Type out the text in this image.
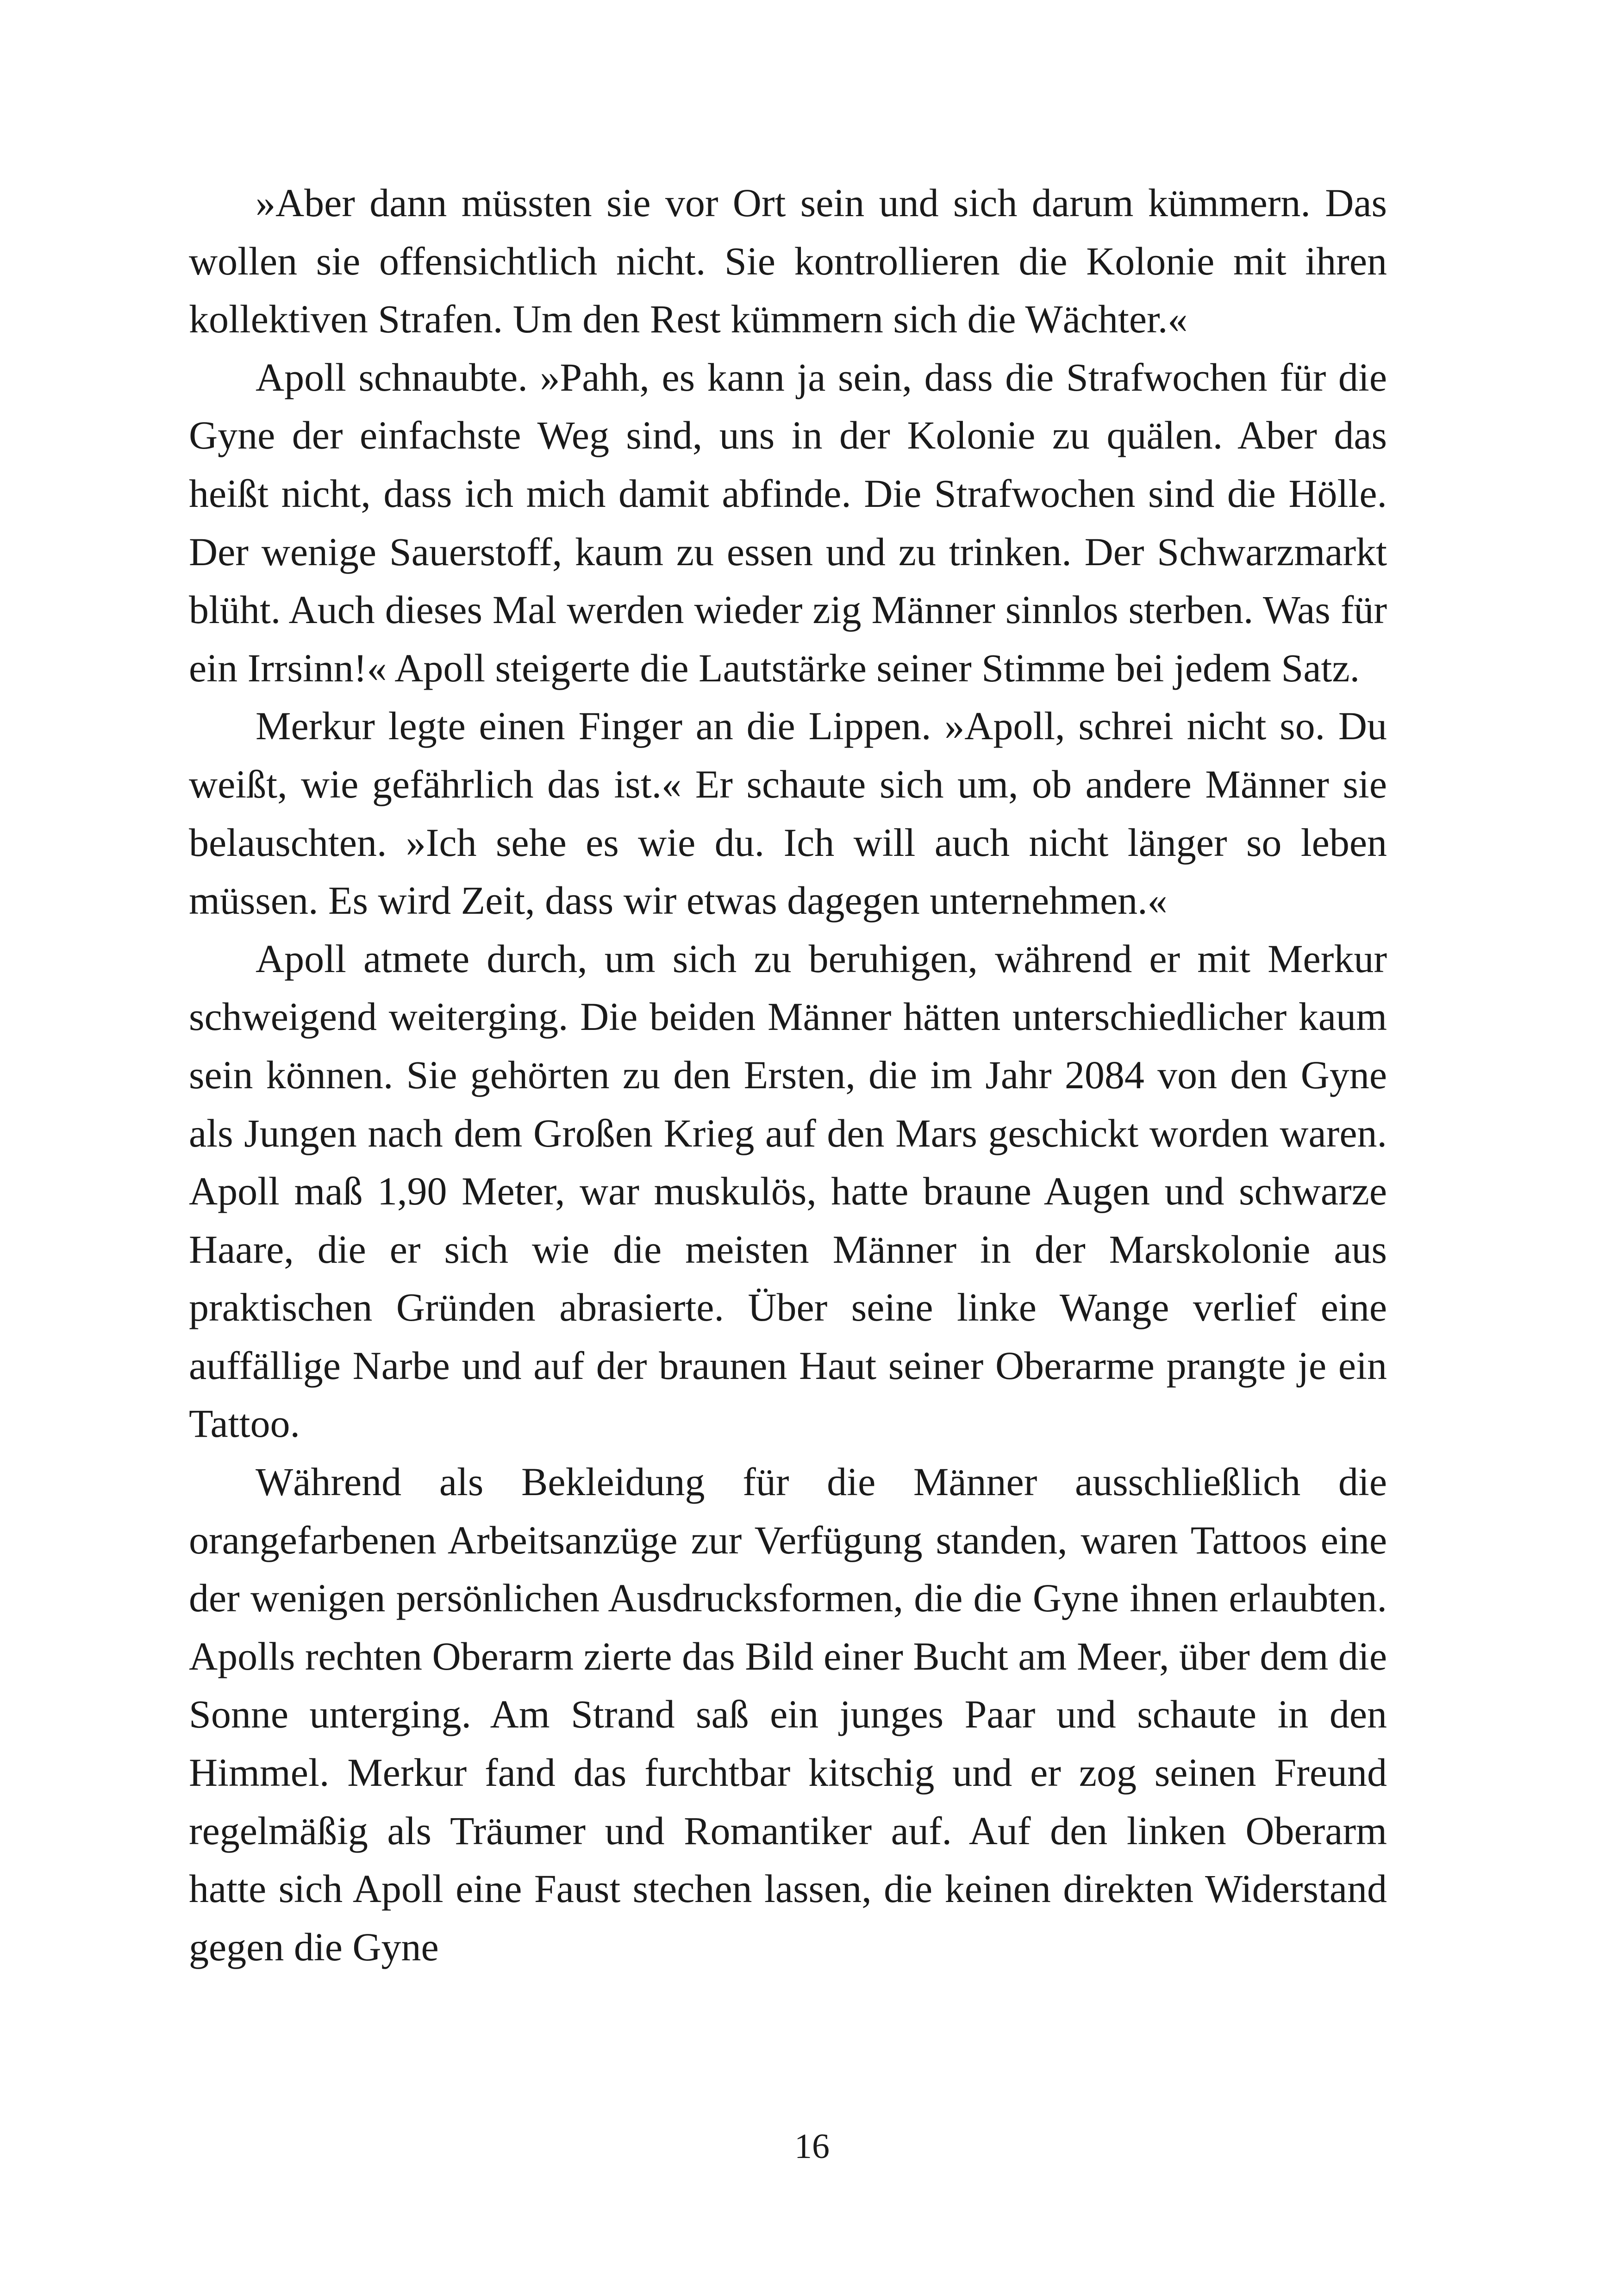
»Aber dann müssten sie vor Ort sein und sich darum kümmern. Das wollen sie offensichtlich nicht. Sie kontrollieren die Kolonie mit ihren kollektiven Strafen. Um den Rest kümmern sich die Wächter.«

Apoll schnaubte. »Pahh, es kann ja sein, dass die Strafwochen für die Gyne der einfachste Weg sind, uns in der Kolonie zu quälen. Aber das heißt nicht, dass ich mich damit abfinde. Die Strafwochen sind die Hölle. Der wenige Sauerstoff, kaum zu essen und zu trinken. Der Schwarzmarkt blüht. Auch dieses Mal werden wieder zig Männer sinnlos sterben. Was für ein Irrsinn!« Apoll steigerte die Lautstärke seiner Stimme bei jedem Satz.

Merkur legte einen Finger an die Lippen. »Apoll, schrei nicht so. Du weißt, wie gefährlich das ist.« Er schaute sich um, ob andere Männer sie belauschten. »Ich sehe es wie du. Ich will auch nicht länger so leben müssen. Es wird Zeit, dass wir etwas dagegen unternehmen.«

Apoll atmete durch, um sich zu beruhigen, während er mit Merkur schweigend weiterging. Die beiden Männer hätten unterschiedlicher kaum sein können. Sie gehörten zu den Ersten, die im Jahr 2084 von den Gyne als Jungen nach dem Großen Krieg auf den Mars geschickt worden waren. Apoll maß 1,90 Meter, war muskulös, hatte braune Augen und schwarze Haare, die er sich wie die meisten Männer in der Marskolonie aus praktischen Gründen abrasierte. Über seine linke Wange verlief eine auffällige Narbe und auf der braunen Haut seiner Oberarme prangte je ein Tattoo.

Während als Bekleidung für die Männer ausschließlich die orangefarbenen Arbeitsanzüge zur Verfügung standen, waren Tattoos eine der wenigen persönlichen Ausdrucksformen, die die Gyne ihnen erlaubten. Apolls rechten Oberarm zierte das Bild einer Bucht am Meer, über dem die Sonne unterging. Am Strand saß ein junges Paar und schaute in den Himmel. Merkur fand das furchtbar kitschig und er zog seinen Freund regelmäßig als Träumer und Romantiker auf. Auf den linken Oberarm hatte sich Apoll eine Faust stechen lassen, die keinen direkten Widerstand gegen die Gyne

16
